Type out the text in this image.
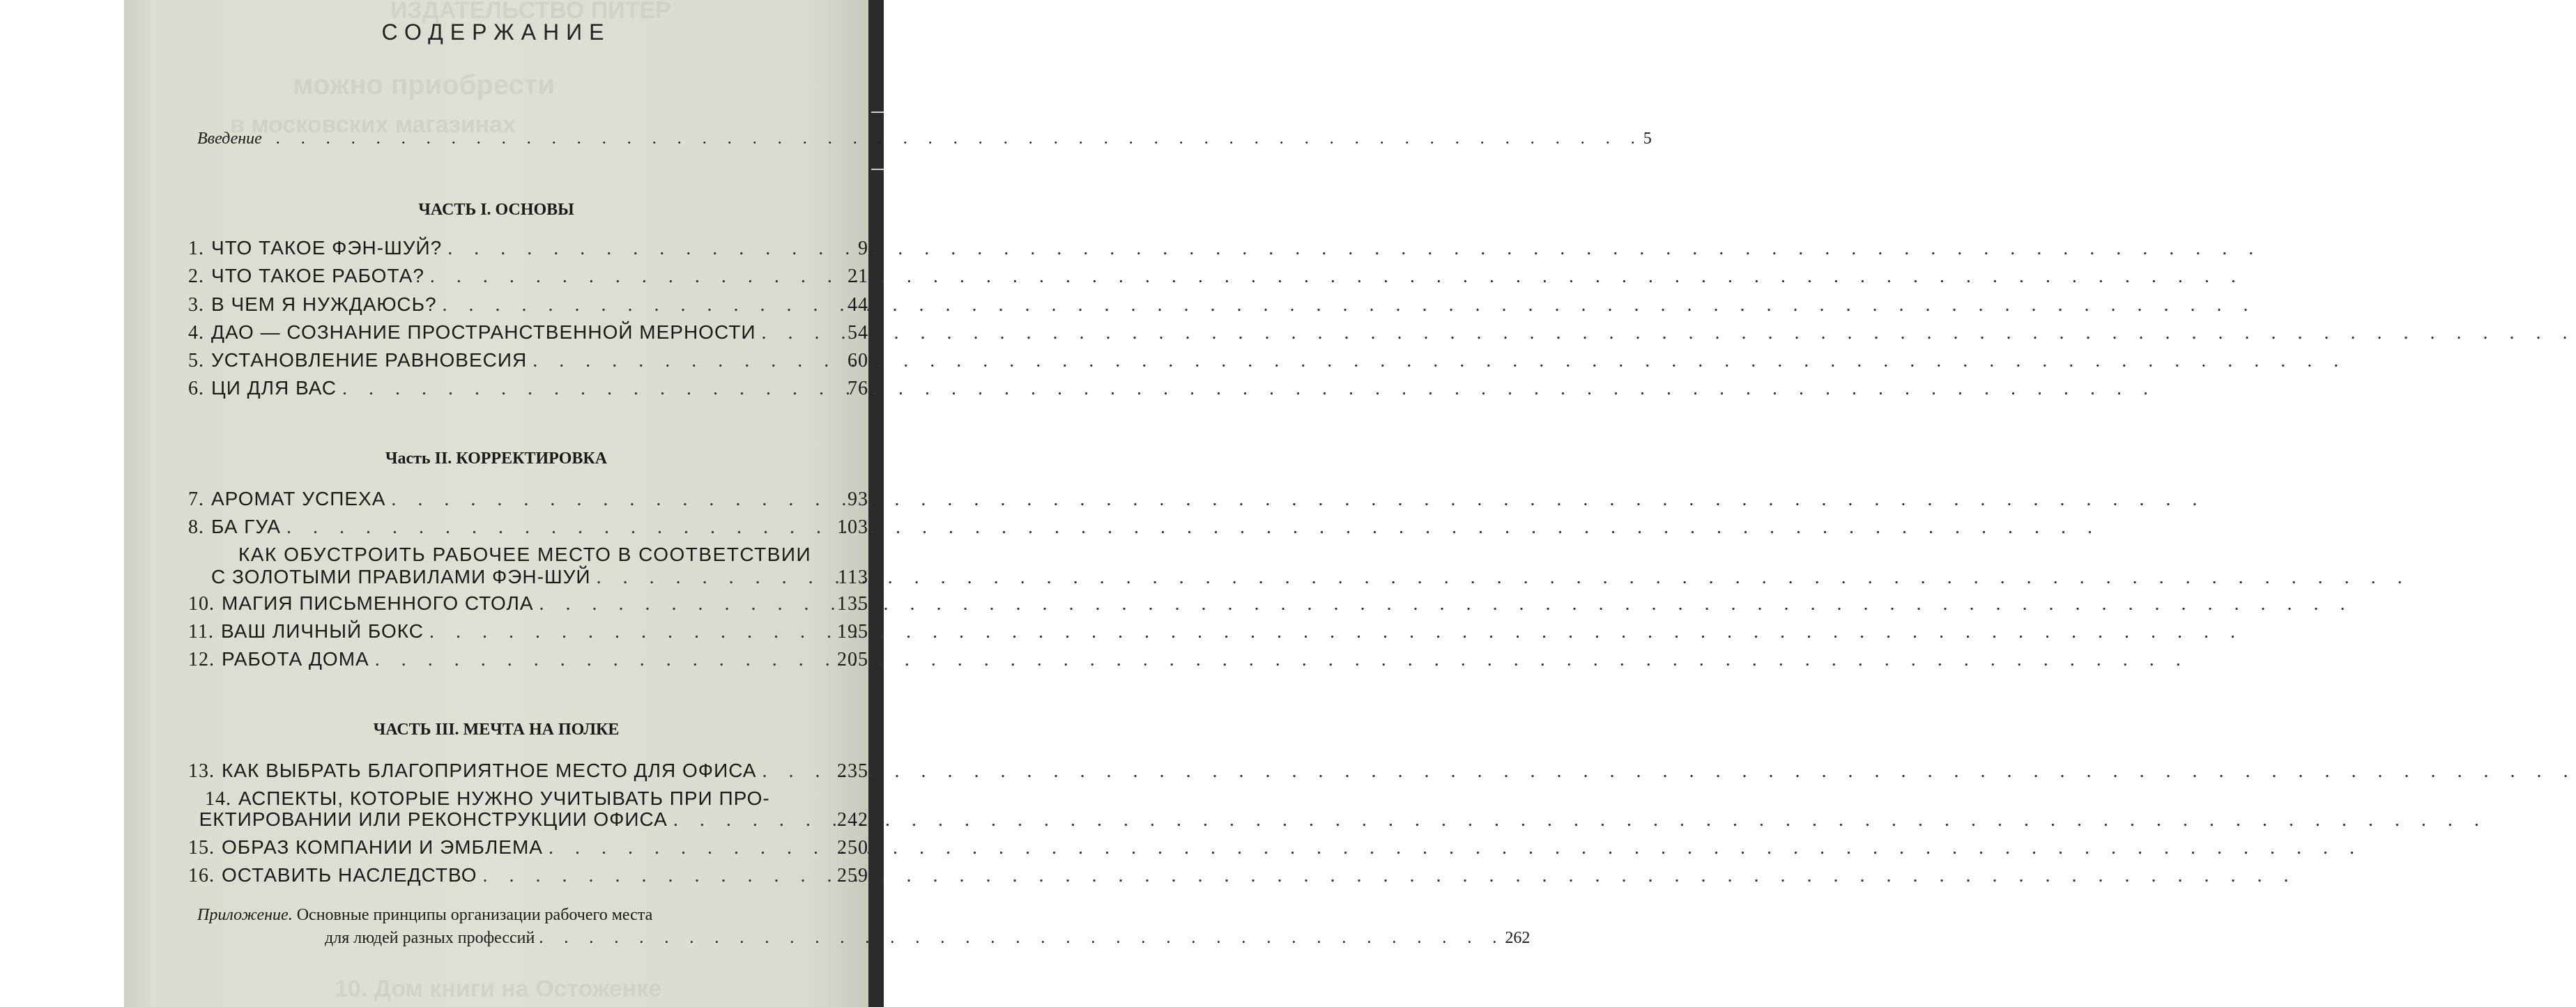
ИЗДАТЕЛЬСТВО ПИТЕР
можно приобрести
в московских магазинах
СОДЕРЖАНИЕ
Введение . . .	5
ЧАСТЬ I. ОСНОВЫ
1. ЧТО ТАКОЕ ФЭН-ШУЙ? . . .	9
2. ЧТО ТАКОЕ РАБОТА? . . .	21
3. В ЧЕМ Я НУЖДАЮСЬ? . . .	44
4. ДАО — СОЗНАНИЕ ПРОСТРАНСТВЕННОЙ МЕРНОСТИ . . .	54
5. УСТАНОВЛЕНИЕ РАВНОВЕСИЯ . . .	60
6. ЦИ ДЛЯ ВАС . . .	76
Часть II. КОРРЕКТИРОВКА
7. АРОМАТ УСПЕХА . . .	93
8. БА ГУА . . .	103
КАК ОБУСТРОИТЬ РАБОЧЕЕ МЕСТО В СООТВЕТСТВИИ
С ЗОЛОТЫМИ ПРАВИЛАМИ ФЭН-ШУЙ . . .	113
10. МАГИЯ ПИСЬМЕННОГО СТОЛА . . .	135
11. ВАШ ЛИЧНЫЙ БОКС . . .	195
12. РАБОТА ДОМА . . .	205
ЧАСТЬ III. МЕЧТА НА ПОЛКЕ
13. КАК ВЫБРАТЬ БЛАГОПРИЯТНОЕ МЕСТО ДЛЯ ОФИСА . . .	235
14. АСПЕКТЫ, КОТОРЫЕ НУЖНО УЧИТЫВАТЬ ПРИ ПРО-
ЕКТИРОВАНИИ ИЛИ РЕКОНСТРУКЦИИ ОФИСА . . .	242
15. ОБРАЗ КОМПАНИИ И ЭМБЛЕМА . . .	250
16. ОСТАВИТЬ НАСЛЕДСТВО . . .	259
Приложение. Основные принципы организации рабочего места
для людей разных профессий . . .	262
10. Дом книги на Остоженке
